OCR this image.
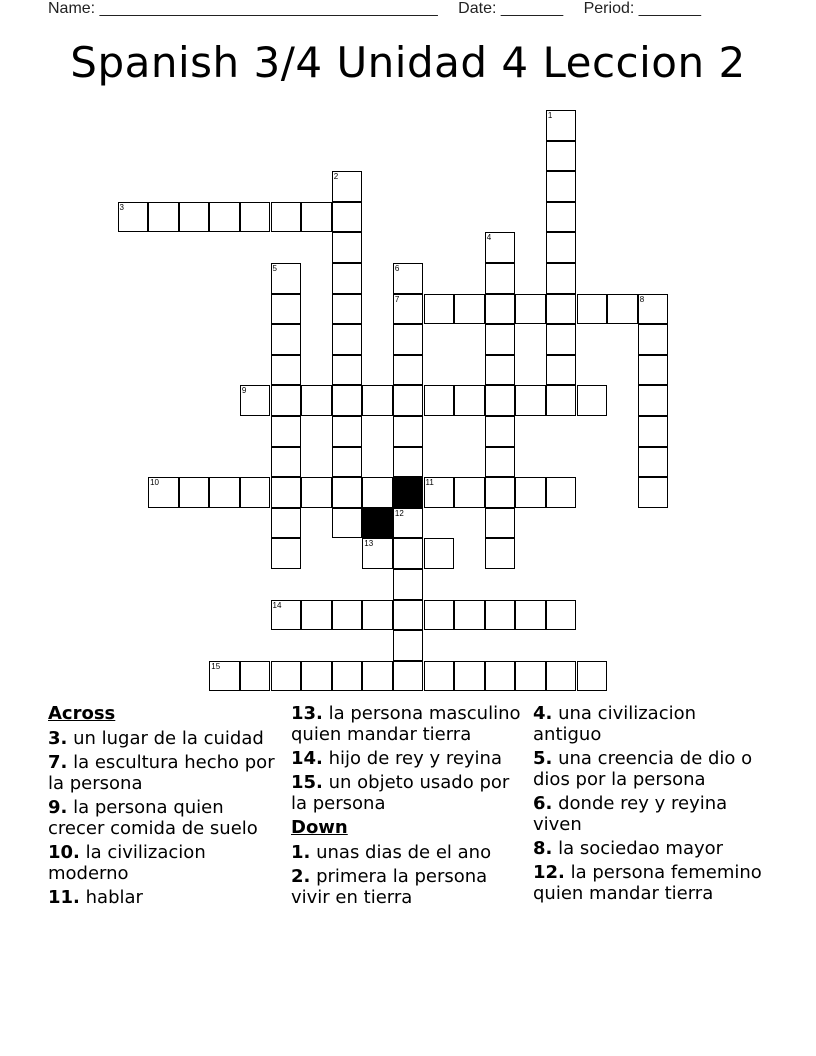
Name: ______________________________________ Date: _______ Period: _______
Spanish 3/4 Unidad 4 Leccion 2
1
2
3
4
5	6
7	8
9
10	11
12
13
14
15
Across
3. un lugar de la cuidad
7. la escultura hecho por la persona
9. la persona quien crecer comida de suelo
10. la civilizacion moderno
11. hablar
13. la persona masculino quien mandar tierra
14. hijo de rey y reyina
15. un objeto usado por la persona
Down
1. unas dias de el ano
2. primera la persona vivir en tierra
4. una civilizacion antiguo
5. una creencia de dio o dios por la persona
6. donde rey y reyina viven
8. la sociedao mayor
12. la persona fememino quien mandar tierra
